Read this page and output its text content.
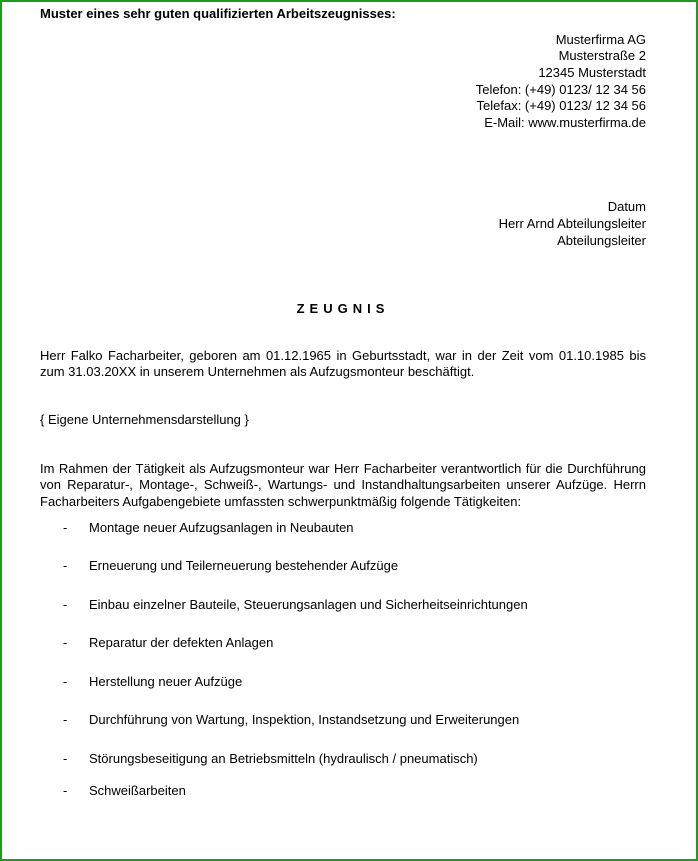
Muster eines sehr guten qualifizierten Arbeitszeugnisses:

Musterfirma AG
Musterstraße 2
12345 Musterstadt
Telefon: (+49) 0123/ 12 34 56
Telefax: (+49) 0123/ 12 34 56
E-Mail: www.musterfirma.de
Datum
Herr Arnd Abteilungsleiter
Abteilungsleiter
ZEUGNIS

Herr Falko Facharbeiter, geboren am 01.12.1965 in Geburtsstadt, war in der Zeit vom 01.10.1985 bis zum 31.03.20XX in unserem Unternehmen als Aufzugsmonteur beschäftigt.

{ Eigene Unternehmensdarstellung }

Im Rahmen der Tätigkeit als Aufzugsmonteur war Herr Facharbeiter verantwortlich für die Durchführung von Reparatur-, Montage-, Schweiß-, Wartungs- und Instandhaltungsarbeiten unserer Aufzüge. Herrn Facharbeiters Aufgabengebiete umfassten schwerpunktmäßig folgende Tätigkeiten:

- Montage neuer Aufzugsanlagen in Neubauten
- Erneuerung und Teilerneuerung bestehender Aufzüge
- Einbau einzelner Bauteile, Steuerungsanlagen und Sicherheitseinrichtungen
- Reparatur der defekten Anlagen
- Herstellung neuer Aufzüge
- Durchführung von Wartung, Inspektion, Instandsetzung und Erweiterungen
- Störungsbeseitigung an Betriebsmitteln (hydraulisch / pneumatisch)
- Schweißarbeiten
